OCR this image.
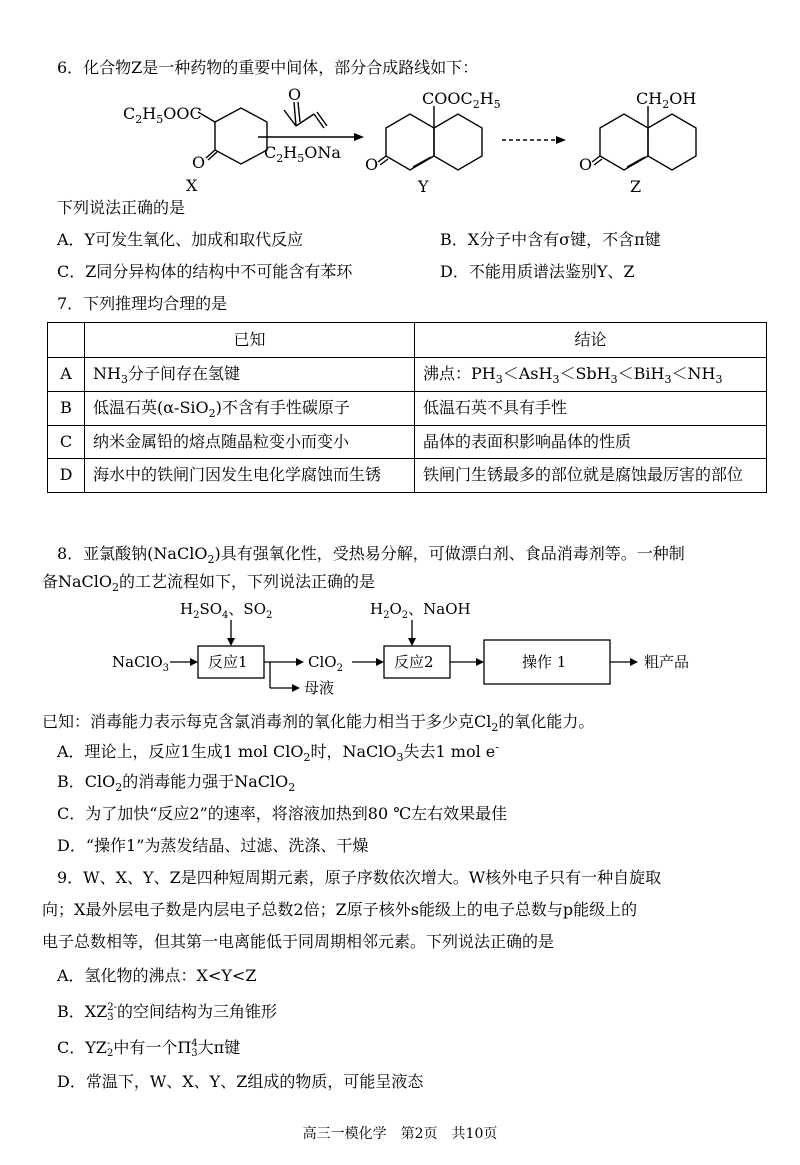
6．化合物Z是一种药物的重要中间体，部分合成路线如下：
$C_2H_5OOC$
O
O
$C_2H_5ONa$
$COOC_2H_5$
O
$CH_2OH$
O
X	Y	Z
下列说法正确的是
A．Y可发生氧化、加成和取代反应	B．X分子中含有σ键，不含π键
C．Z同分异构体的结构中不可能含有苯环	D．不能用质谱法鉴别Y、Z
7．下列推理均合理的是
	已知	结论
A	$NH_3$分子间存在氢键	沸点：$PH_3<AsH_3<SbH_3<BiH_3<NH_3$
B	低温石英(α-SiO$_2$)不含有手性碳原子	低温石英不具有手性
C	纳米金属铅的熔点随晶粒变小而变小	晶体的表面积影响晶体的性质
D	海水中的铁闸门因发生电化学腐蚀而生锈	铁闸门生锈最多的部位就是腐蚀最厉害的部位
8．亚氯酸钠(NaClO$_2$)具有强氧化性，受热易分解，可做漂白剂、食品消毒剂等。一种制
备NaClO$_2$的工艺流程如下，下列说法正确的是
$H_2SO_4$、$SO_2$	$H_2O_2$、NaOH
NaClO$_3$	反应1	ClO$_2$	反应2	操作 1	粗产品
母液
已知：消毒能力表示每克含氯消毒剂的氧化能力相当于多少克$Cl_2$的氧化能力。
A．理论上，反应1生成1 mol ClO$_2$时，NaClO$_3$失去1 mol e-
B．ClO$_2$的消毒能力强于NaClO$_2$
C．为了加快“反应2”的速率，将溶液加热到80 ℃左右效果最佳
D．“操作1”为蒸发结晶、过滤、洗涤、干燥
9．W、X、Y、Z是四种短周期元素，原子序数依次增大。W核外电子只有一种自旋取
向；X最外层电子数是内层电子总数2倍；Z原子核外s能级上的电子总数与p能级上的
电子总数相等，但其第一电离能低于同周期相邻元素。下列说法正确的是
A．氢化物的沸点：X<Y<Z
B．XZ 2-
3 的空间结构为三角锥形
C．YZ -
2 中有一个Π 4
3 大π键
D．常温下，W、X、Y、Z组成的物质，可能呈液态
高三一模化学　第2页　共10页
